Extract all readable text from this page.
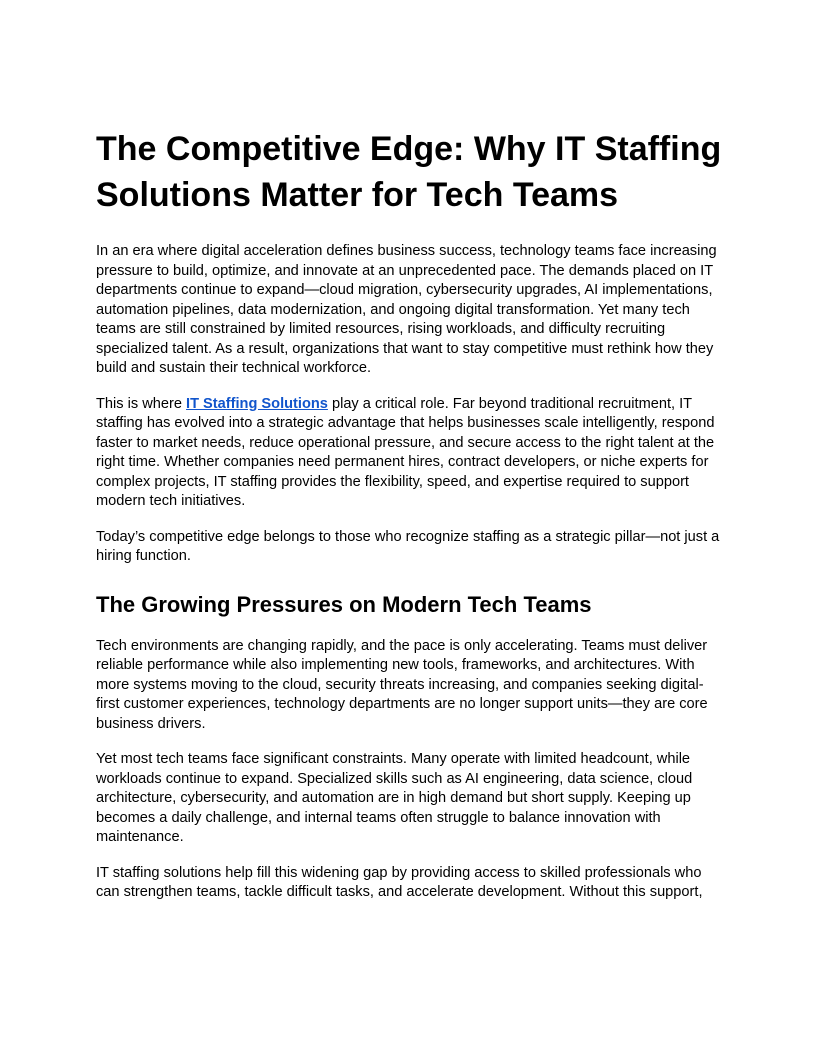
The Competitive Edge: Why IT Staffing Solutions Matter for Tech Teams

In an era where digital acceleration defines business success, technology teams face increasing pressure to build, optimize, and innovate at an unprecedented pace. The demands placed on IT departments continue to expand—cloud migration, cybersecurity upgrades, AI implementations, automation pipelines, data modernization, and ongoing digital transformation. Yet many tech teams are still constrained by limited resources, rising workloads, and difficulty recruiting specialized talent. As a result, organizations that want to stay competitive must rethink how they build and sustain their technical workforce.

This is where IT Staffing Solutions play a critical role. Far beyond traditional recruitment, IT staffing has evolved into a strategic advantage that helps businesses scale intelligently, respond faster to market needs, reduce operational pressure, and secure access to the right talent at the right time. Whether companies need permanent hires, contract developers, or niche experts for complex projects, IT staffing provides the flexibility, speed, and expertise required to support modern tech initiatives.

Today’s competitive edge belongs to those who recognize staffing as a strategic pillar—not just a hiring function.

The Growing Pressures on Modern Tech Teams

Tech environments are changing rapidly, and the pace is only accelerating. Teams must deliver reliable performance while also implementing new tools, frameworks, and architectures. With more systems moving to the cloud, security threats increasing, and companies seeking digital-first customer experiences, technology departments are no longer support units—they are core business drivers.

Yet most tech teams face significant constraints. Many operate with limited headcount, while workloads continue to expand. Specialized skills such as AI engineering, data science, cloud architecture, cybersecurity, and automation are in high demand but short supply. Keeping up becomes a daily challenge, and internal teams often struggle to balance innovation with maintenance.

IT staffing solutions help fill this widening gap by providing access to skilled professionals who can strengthen teams, tackle difficult tasks, and accelerate development. Without this support,
